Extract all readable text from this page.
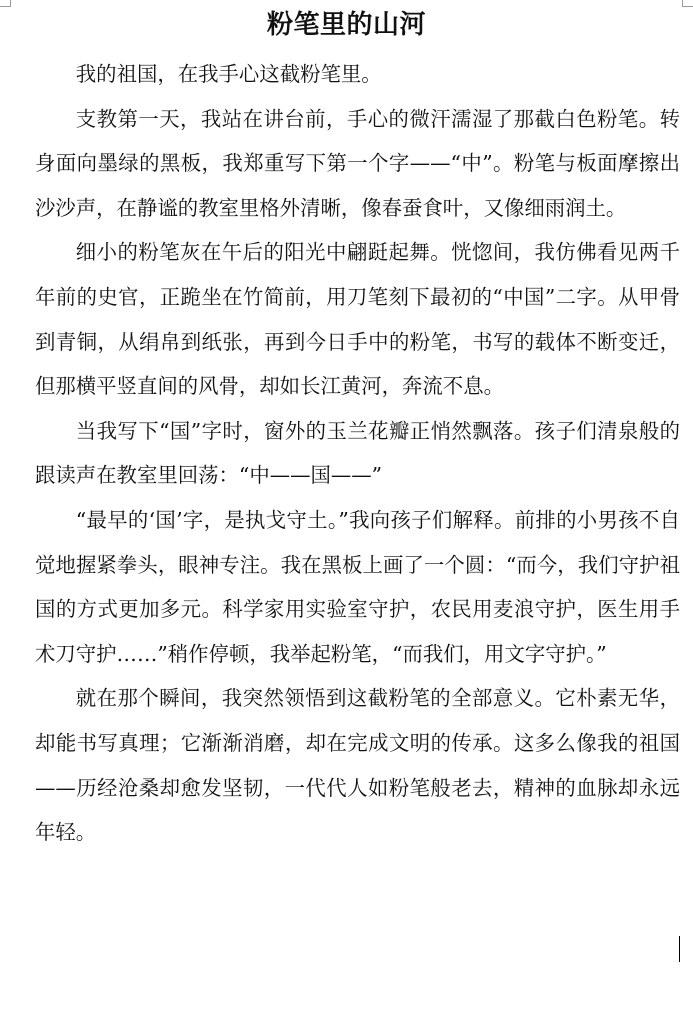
粉笔里的山河

我的祖国，在我手心这截粉笔里。

支教第一天，我站在讲台前，手心的微汗濡湿了那截白色粉笔。转身面向墨绿的黑板，我郑重写下第一个字——“中”。粉笔与板面摩擦出沙沙声，在静谧的教室里格外清晰，像春蚕食叶，又像细雨润土。

细小的粉笔灰在午后的阳光中翩跹起舞。恍惚间，我仿佛看见两千年前的史官，正跪坐在竹简前，用刀笔刻下最初的“中国”二字。从甲骨到青铜，从绢帛到纸张，再到今日手中的粉笔，书写的载体不断变迁，但那横平竖直间的风骨，却如长江黄河，奔流不息。

当我写下“国”字时，窗外的玉兰花瓣正悄然飘落。孩子们清泉般的跟读声在教室里回荡：“中——国——”

“最早的‘国’字，是执戈守土。”我向孩子们解释。前排的小男孩不自觉地握紧拳头，眼神专注。我在黑板上画了一个圆：“而今，我们守护祖国的方式更加多元。科学家用实验室守护，农民用麦浪守护，医生用手术刀守护……”稍作停顿，我举起粉笔，“而我们，用文字守护。”

就在那个瞬间，我突然领悟到这截粉笔的全部意义。它朴素无华，却能书写真理；它渐渐消磨，却在完成文明的传承。这多么像我的祖国——历经沧桑却愈发坚韧，一代代人如粉笔般老去，精神的血脉却永远年轻。
